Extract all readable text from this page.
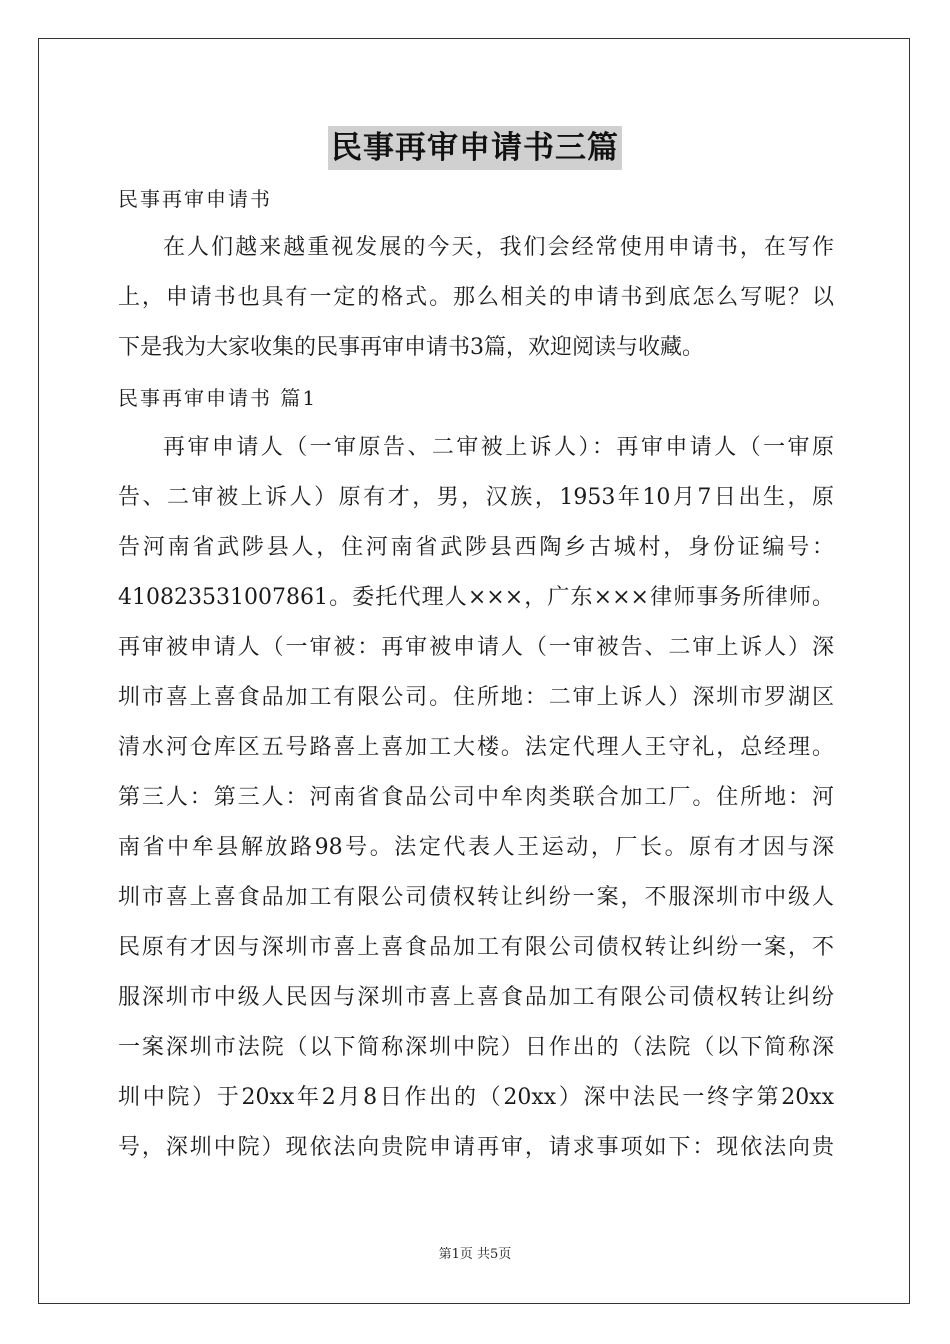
民事再审申请书三篇
民事再审申请书
在人们越来越重视发展的今天，我们会经常使用申请书，在写作
上，申请书也具有一定的格式。那么相关的申请书到底怎么写呢？以
下是我为大家收集的民事再审申请书3篇，欢迎阅读与收藏。
民事再审申请书 篇1
再审申请人（一审原告、二审被上诉人）：再审申请人（一审原
告、二审被上诉人）原有才，男，汉族，1953年10月7日出生，原
告河南省武陟县人，住河南省武陟县西陶乡古城村，身份证编号：
410823531007861。委托代理人×××，广东×××律师事务所律师。
再审被申请人（一审被：再审被申请人（一审被告、二审上诉人）深
圳市喜上喜食品加工有限公司。住所地：二审上诉人）深圳市罗湖区
清水河仓库区五号路喜上喜加工大楼。法定代理人王守礼，总经理。
第三人：第三人：河南省食品公司中牟肉类联合加工厂。住所地：河
南省中牟县解放路98号。法定代表人王运动，厂长。原有才因与深
圳市喜上喜食品加工有限公司债权转让纠纷一案，不服深圳市中级人
民原有才因与深圳市喜上喜食品加工有限公司债权转让纠纷一案，不
服深圳市中级人民因与深圳市喜上喜食品加工有限公司债权转让纠纷
一案深圳市法院（以下简称深圳中院）日作出的（法院（以下简称深
圳中院）于20xx年2月8日作出的（20xx）深中法民一终字第20xx
号，深圳中院）现依法向贵院申请再审，请求事项如下：现依法向贵
第1页 共5页
